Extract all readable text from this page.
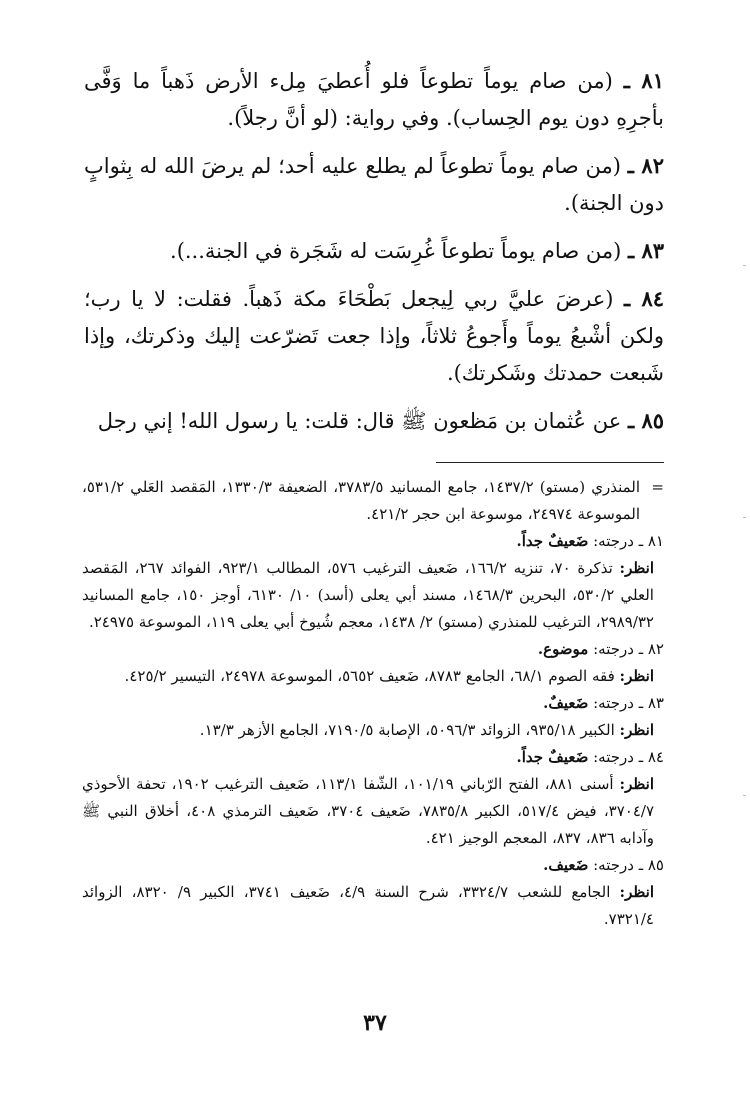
٨١ ـ (من صام يوماً تطوعاً فلو أُعطيَ مِلء الأرض ذَهباً ما وَفَّى بأجرِهِ دون يوم الحِساب). وفي رواية: (لو أنَّ رجلاً).

٨٢ ـ (من صام يوماً تطوعاً لم يطلع عليه أحد؛ لم يرضَ الله له بِثوابٍ دون الجنة).

٨٣ ـ (من صام يوماً تطوعاً غُرِسَت له شَجَرة في الجنة...).

٨٤ ـ (عرضَ عليَّ ربي لِيجعل بَطْحَاءَ مكة ذَهباً. فقلت: لا يا رب؛ ولكن أشْبعُ يوماً وأَجوعُ ثلاثاً، وإذا جعت تَضرّعت إليك وذكرتك، وإذا شَبعت حمدتك وشَكرتك).

٨٥ ـ عن عُثمان بن مَظعون ﷺ قال: قلت: يا رسول الله! إني رجل

=
المنذري (مستو) ١٤٣٧/٢، جامع المسانيد ٣٧٨٣/٥، الضعيفة ١٣٣٠/٣، المَقصد العَلي ٥٣١/٢، الموسوعة ٢٤٩٧٤، موسوعة ابن حجر ٤٢١/٢.

٨١ ـ درجته: ضَعيفٌ جداً.

انظر: تذكرة ٧٠، تنزيه ١٦٦/٢، ضَعيف الترغيب ٥٧٦، المطالب ٩٢٣/١، الفوائد ٢٦٧، المَقصد العلي ٥٣٠/٢، البحرين ١٤٦٨/٣، مسند أبي يعلى (أسد) ١٠/ ٦١٣٠، أوجز ١٥٠، جامع المسانيد ٢٩٨٩/٣٢، الترغيب للمنذري (مستو) ٢/ ١٤٣٨، معجم شُيوخ أبي يعلى ١١٩، الموسوعة ٢٤٩٧٥.

٨٢ ـ درجته: موضوع.

انظر: فقه الصوم ٦٨/١، الجامع ٨٧٨٣، ضَعيف ٥٦٥٢، الموسوعة ٢٤٩٧٨، التيسير ٤٢٥/٢.

٨٣ ـ درجته: ضَعيفٌ.

انظر: الكبير ٩٣٥/١٨، الزوائد ٥٠٩٦/٣، الإصابة ٧١٩٠/٥، الجامع الأزهر ١٣/٣.

٨٤ ـ درجته: ضَعيفٌ جداً.

انظر: أسنى ٨٨١، الفتح الرّباني ١٠١/١٩، الشّفا ١١٣/١، ضَعيف الترغيب ١٩٠٢، تحفة الأحوذي ٣٧٠٤/٧، فيض ٥١٧/٤، الكبير ٧٨٣٥/٨، ضَعيف ٣٧٠٤، ضَعيف الترمذي ٤٠٨، أخلاق النبي ﷺ وآدابه ٨٣٦، ٨٣٧، المعجم الوجيز ٤٢١.

٨٥ ـ درجته: ضَعيف.

انظر: الجامع للشعب ٣٣٢٤/٧، شرح السنة ٤/٩، ضَعيف ٣٧٤١، الكبير ٩/ ٨٣٢٠، الزوائد ٧٣٢١/٤.

٣٧
